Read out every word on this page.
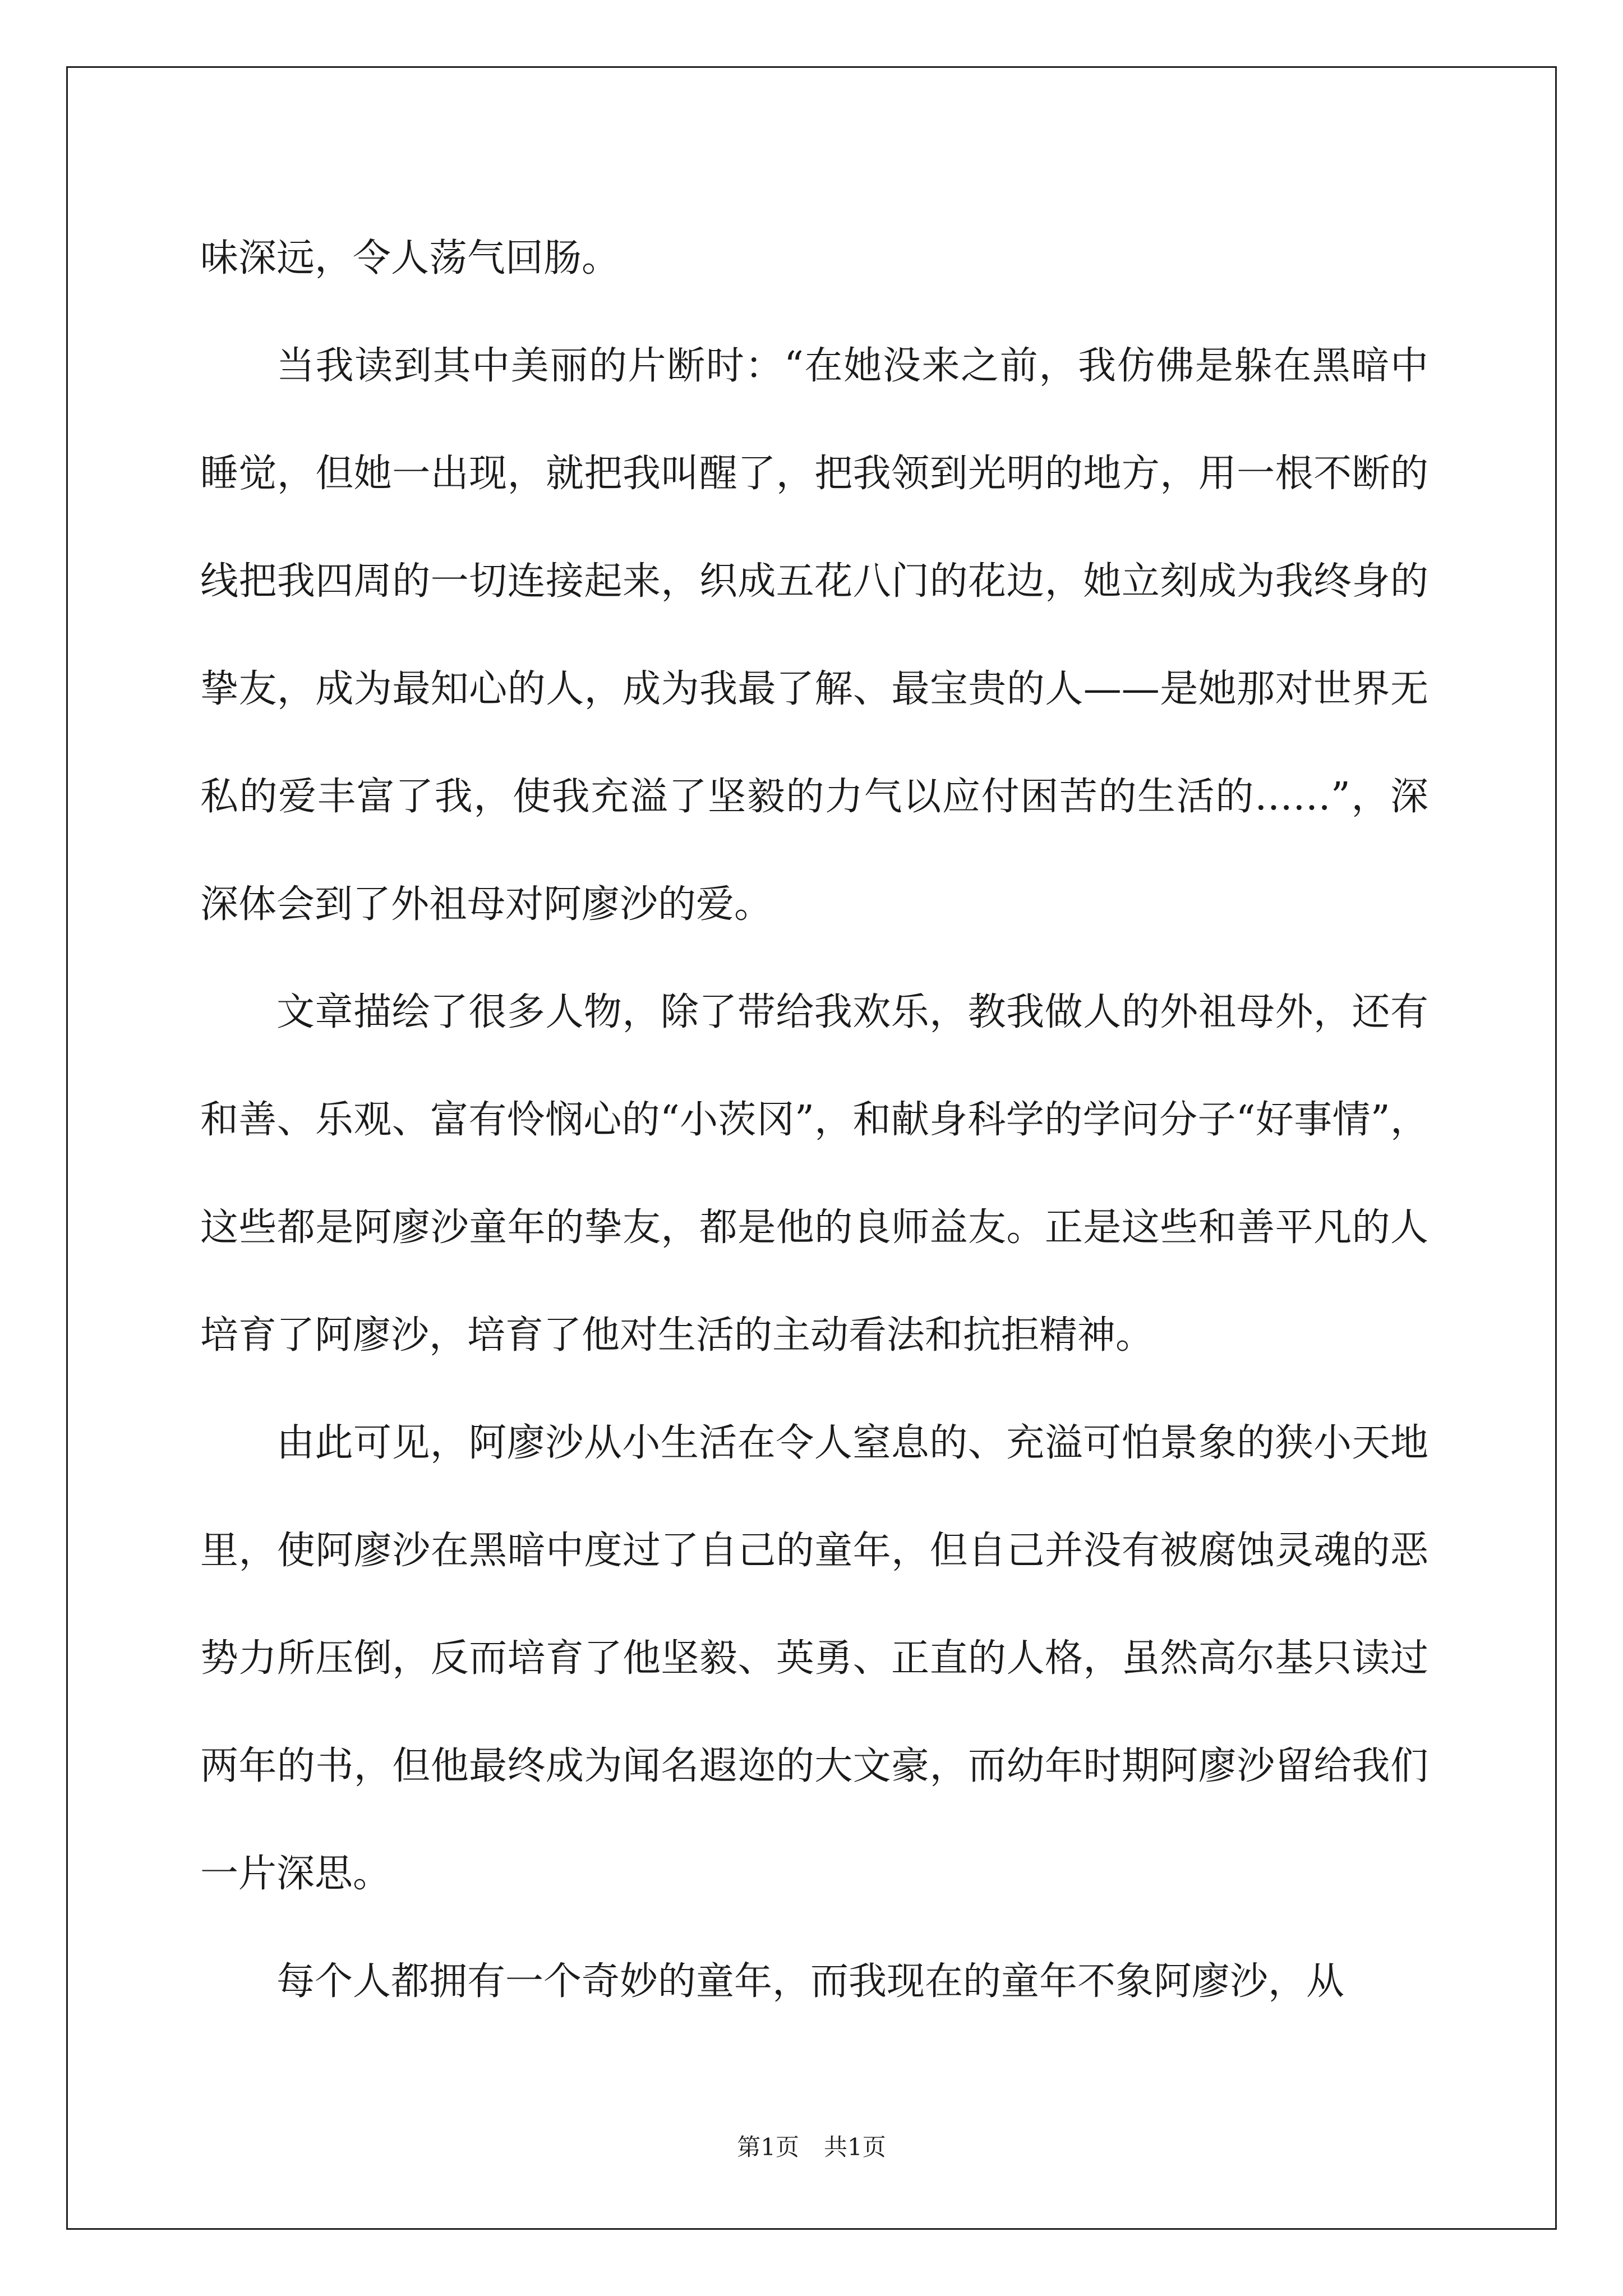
味深远，令人荡气回肠。

当我读到其中美丽的片断时：“在她没来之前，我仿佛是躲在黑暗中睡觉，但她一出现，就把我叫醒了，把我领到光明的地方，用一根不断的线把我四周的一切连接起来，织成五花八门的花边，她立刻成为我终身的挚友，成为最知心的人，成为我最了解、最宝贵的人——是她那对世界无私的爱丰富了我，使我充溢了坚毅的力气以应付困苦的生活的……”，深深体会到了外祖母对阿廖沙的爱。

文章描绘了很多人物，除了带给我欢乐，教我做人的外祖母外，还有和善、乐观、富有怜悯心的“小茨冈”，和献身科学的学问分子“好事情”，这些都是阿廖沙童年的挚友，都是他的良师益友。正是这些和善平凡的人培育了阿廖沙，培育了他对生活的主动看法和抗拒精神。

由此可见，阿廖沙从小生活在令人窒息的、充溢可怕景象的狭小天地里，使阿廖沙在黑暗中度过了自己的童年，但自己并没有被腐蚀灵魂的恶势力所压倒，反而培育了他坚毅、英勇、正直的人格，虽然高尔基只读过两年的书，但他最终成为闻名遐迩的大文豪，而幼年时期阿廖沙留给我们一片深思。

每个人都拥有一个奇妙的童年，而我现在的童年不象阿廖沙，从

第1页 共1页
